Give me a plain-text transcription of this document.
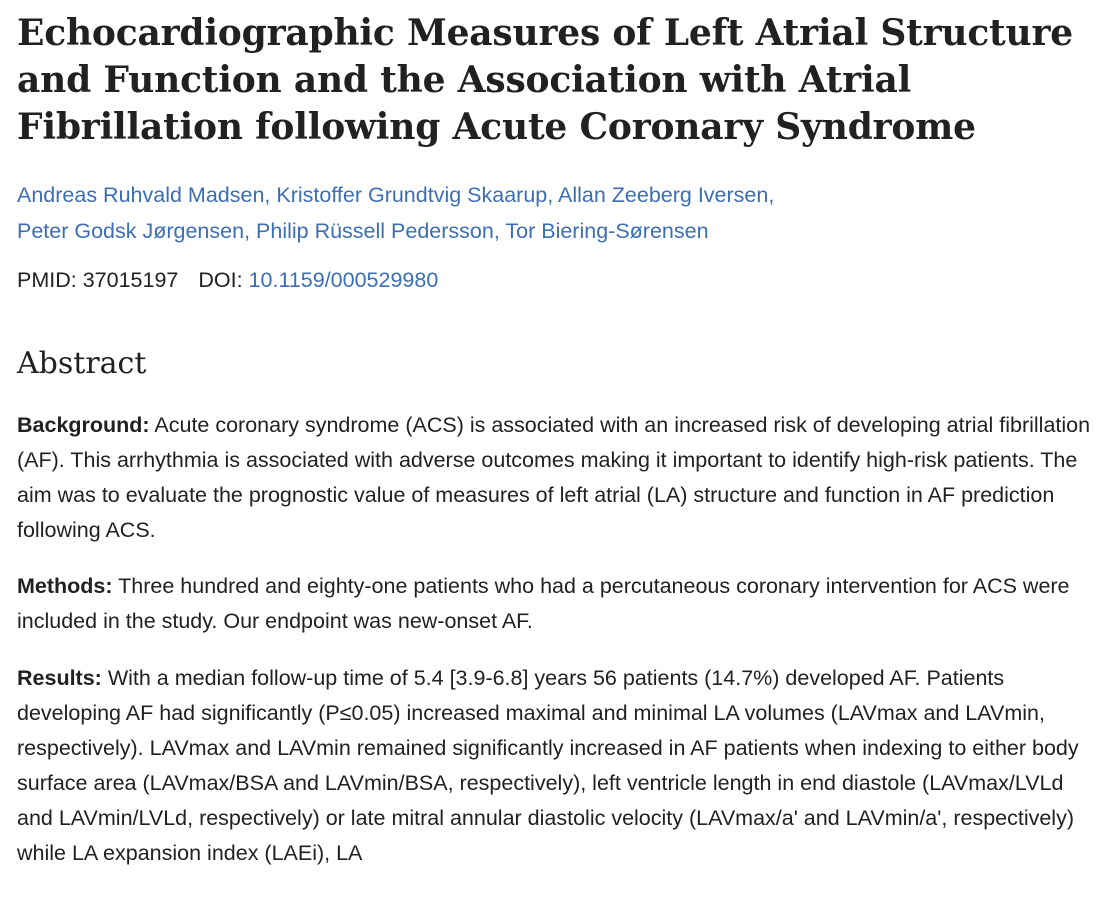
Echocardiographic Measures of Left Atrial Structure and Function and the Association with Atrial Fibrillation following Acute Coronary Syndrome
Andreas Ruhvald Madsen, Kristoffer Grundtvig Skaarup, Allan Zeeberg Iversen,
Peter Godsk Jørgensen, Philip Rüssell Pedersson, Tor Biering-Sørensen
PMID: 37015197 DOI: 10.1159/000529980
Abstract

Background: Acute coronary syndrome (ACS) is associated with an increased risk of developing atrial fibrillation (AF). This arrhythmia is associated with adverse outcomes making it important to identify high-risk patients. The aim was to evaluate the prognostic value of measures of left atrial (LA) structure and function in AF prediction following ACS.

Methods: Three hundred and eighty-one patients who had a percutaneous coronary intervention for ACS were included in the study. Our endpoint was new-onset AF.

Results: With a median follow-up time of 5.4 [3.9-6.8] years 56 patients (14.7%) developed AF. Patients developing AF had significantly (P≤0.05) increased maximal and minimal LA volumes (LAVmax and LAVmin, respectively). LAVmax and LAVmin remained significantly increased in AF patients when indexing to either body surface area (LAVmax/BSA and LAVmin/BSA, respectively), left ventricle length in end diastole (LAVmax/LVLd and LAVmin/LVLd, respectively) or late mitral annular diastolic velocity (LAVmax/a' and LAVmin/a', respectively) while LA expansion index (LAEi), LA
